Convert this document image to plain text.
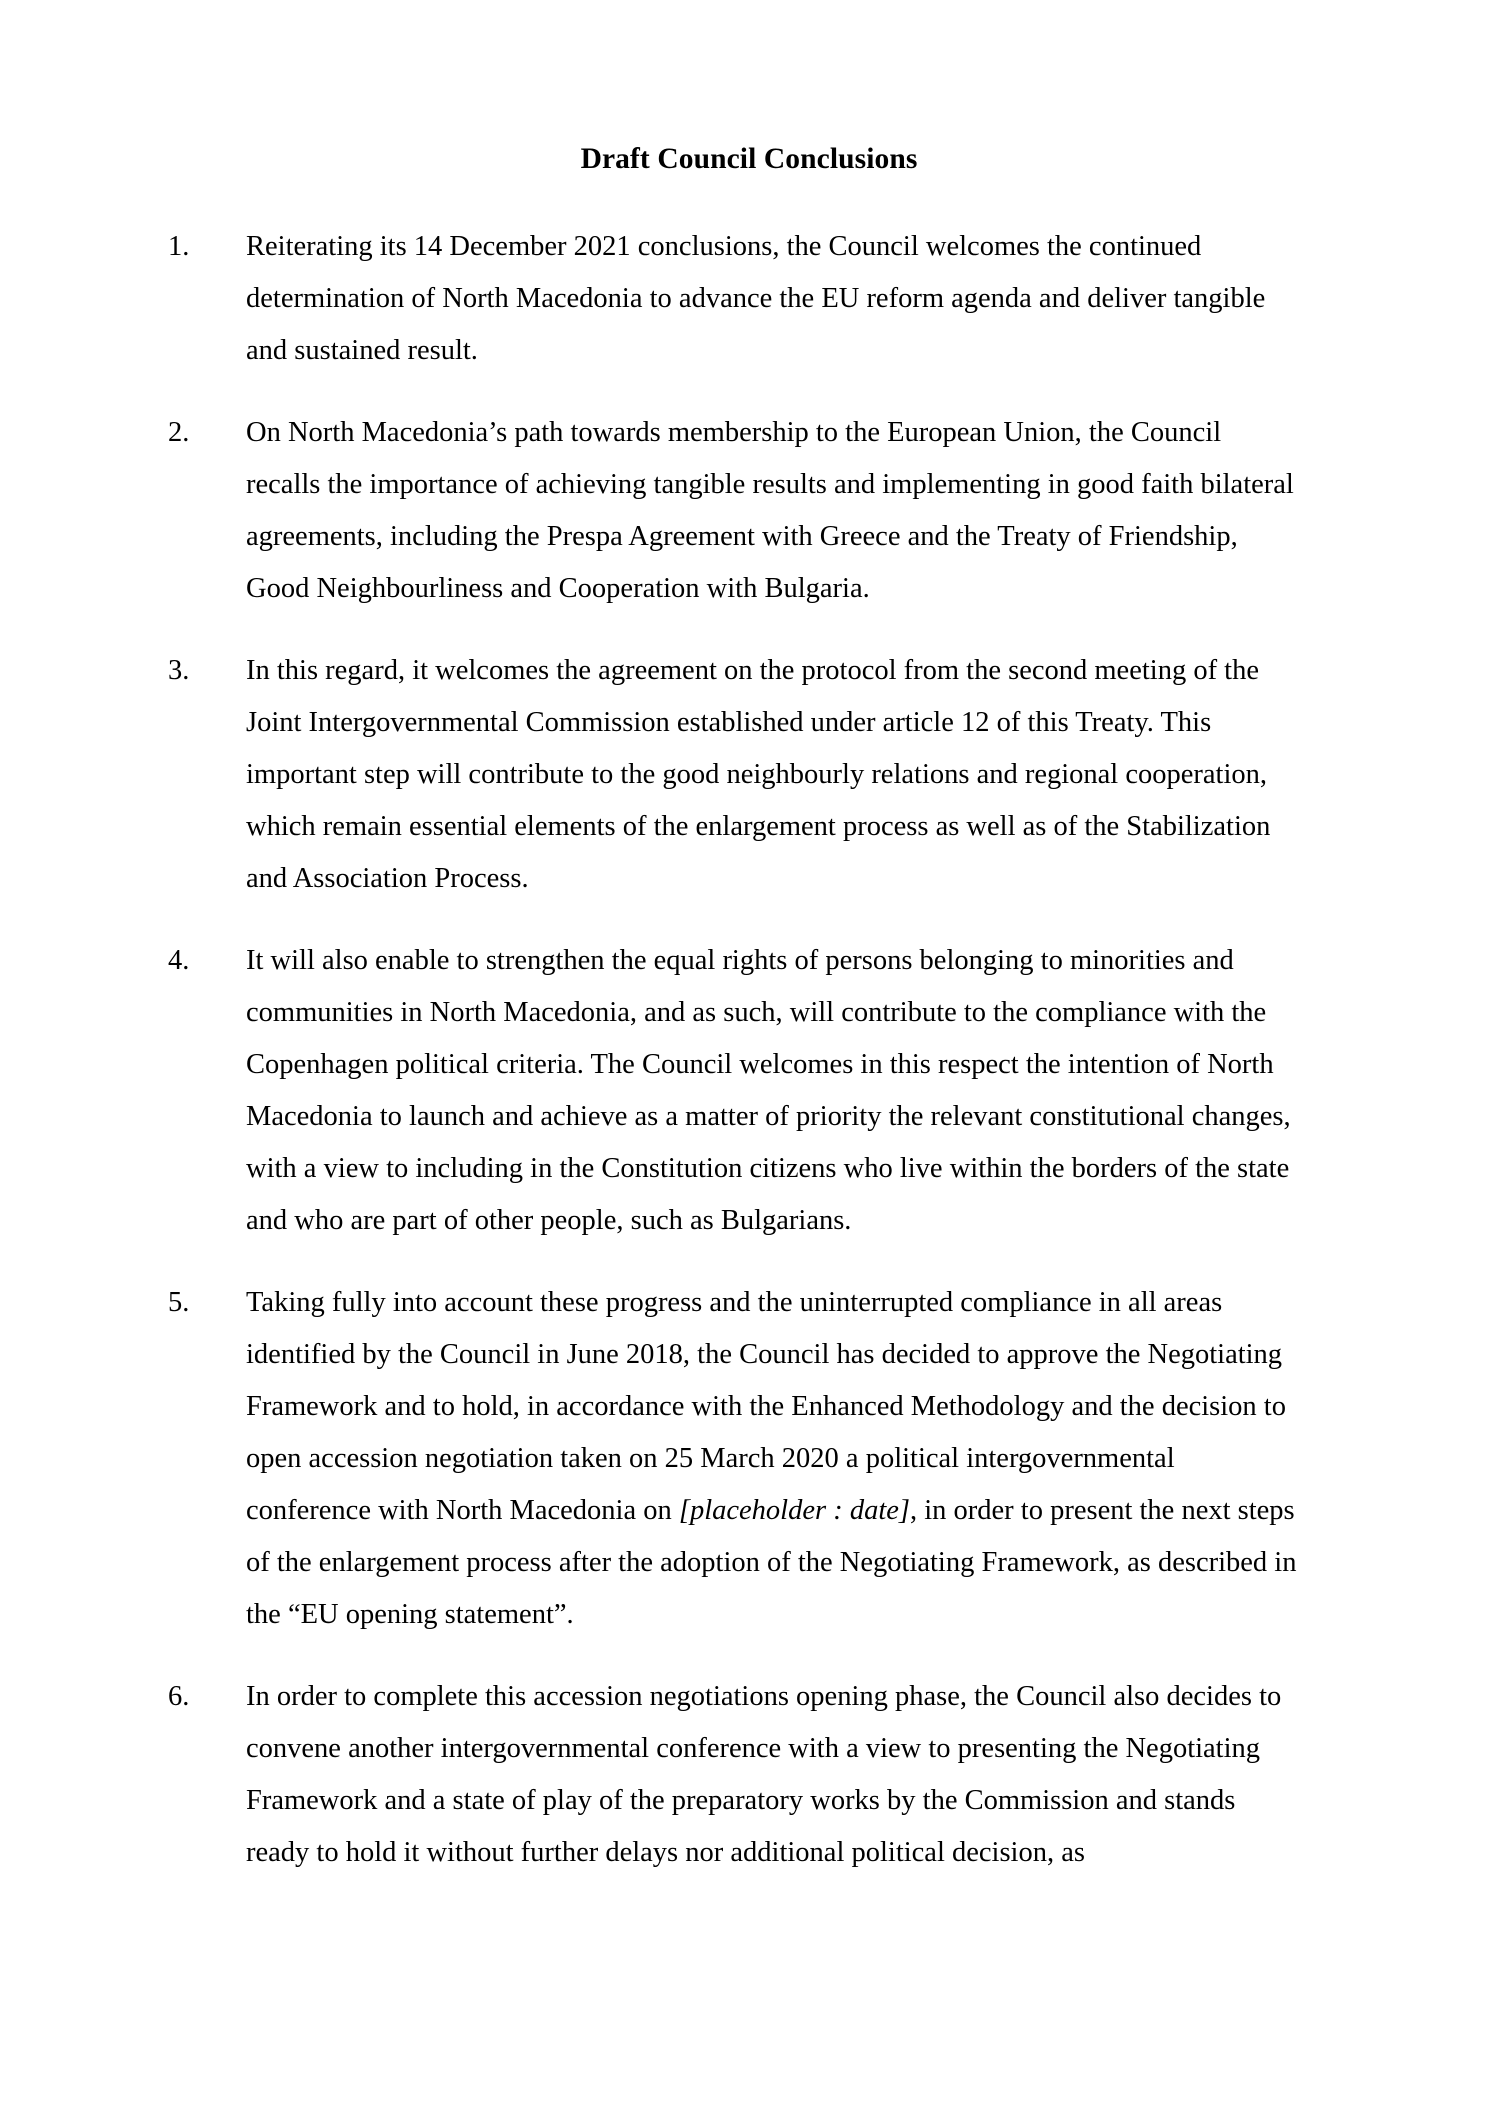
Draft Council Conclusions
1.	Reiterating its 14 December 2021 conclusions, the Council welcomes the continued determination of North Macedonia to advance the EU reform agenda and deliver tangible and sustained result.
2.	On North Macedonia’s path towards membership to the European Union, the Council recalls the importance of achieving tangible results and implementing in good faith bilateral agreements, including the Prespa Agreement with Greece and the Treaty of Friendship, Good Neighbourliness and Cooperation with Bulgaria.
3.	In this regard, it welcomes the agreement on the protocol from the second meeting of the Joint Intergovernmental Commission established under article 12 of this Treaty. This important step will contribute to the good neighbourly relations and regional cooperation, which remain essential elements of the enlargement process as well as of the Stabilization and Association Process.
4.	It will also enable to strengthen the equal rights of persons belonging to minorities and communities in North Macedonia, and as such, will contribute to the compliance with the Copenhagen political criteria. The Council welcomes in this respect the intention of North Macedonia to launch and achieve as a matter of priority the relevant constitutional changes, with a view to including in the Constitution citizens who live within the borders of the state and who are part of other people, such as Bulgarians.
5.	Taking fully into account these progress and the uninterrupted compliance in all areas identified by the Council in June 2018, the Council has decided to approve the Negotiating Framework and to hold, in accordance with the Enhanced Methodology and the decision to open accession negotiation taken on 25 March 2020 a political intergovernmental conference with North Macedonia on [placeholder : date], in order to present the next steps of the enlargement process after the adoption of the Negotiating Framework, as described in the “EU opening statement”.
6.	In order to complete this accession negotiations opening phase, the Council also decides to convene another intergovernmental conference with a view to presenting the Negotiating Framework and a state of play of the preparatory works by the Commission and stands ready to hold it without further delays nor additional political decision, as
